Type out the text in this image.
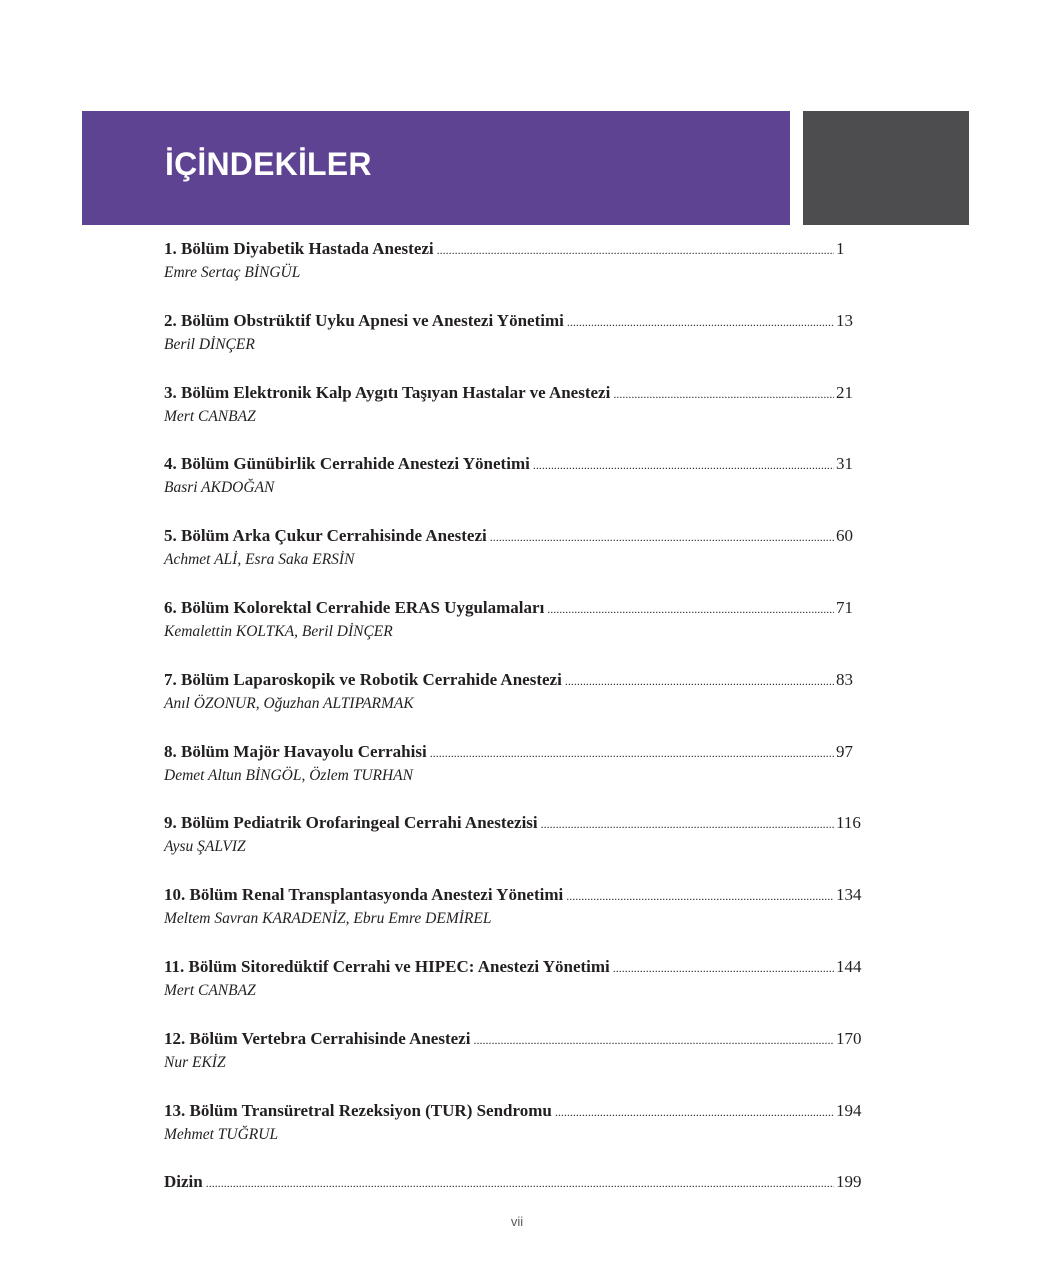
İÇİNDEKİLER
1. Bölüm Diyabetik Hastada Anestezi .....	1
Emre Sertaç BİNGÜL
2. Bölüm Obstrüktif Uyku Apnesi ve Anestezi Yönetimi .....	13
Beril DİNÇER
3. Bölüm Elektronik Kalp Aygıtı Taşıyan Hastalar ve Anestezi .....	21
Mert CANBAZ
4. Bölüm Günübirlik Cerrahide Anestezi Yönetimi .....	31
Basri AKDOĞAN
5. Bölüm Arka Çukur Cerrahisinde Anestezi .....	60
Achmet ALİ, Esra Saka ERSİN
6. Bölüm Kolorektal Cerrahide ERAS Uygulamaları .....	71
Kemalettin KOLTKA, Beril DİNÇER
7. Bölüm Laparoskopik ve Robotik Cerrahide Anestezi .....	83
Anıl ÖZONUR, Oğuzhan ALTIPARMAK
8. Bölüm Majör Havayolu Cerrahisi .....	97
Demet Altun BİNGÖL, Özlem TURHAN
9. Bölüm Pediatrik Orofaringeal Cerrahi Anestezisi .....	116
Aysu ŞALVIZ
10. Bölüm Renal Transplantasyonda Anestezi Yönetimi .....	134
Meltem Savran KARADENİZ, Ebru Emre DEMİREL
11. Bölüm Sitoredüktif Cerrahi ve HIPEC: Anestezi Yönetimi .....	144
Mert CANBAZ
12. Bölüm Vertebra Cerrahisinde Anestezi .....	170
Nur EKİZ
13. Bölüm Transüretral Rezeksiyon (TUR) Sendromu .....	194
Mehmet TUĞRUL
Dizin .....	199
vii
